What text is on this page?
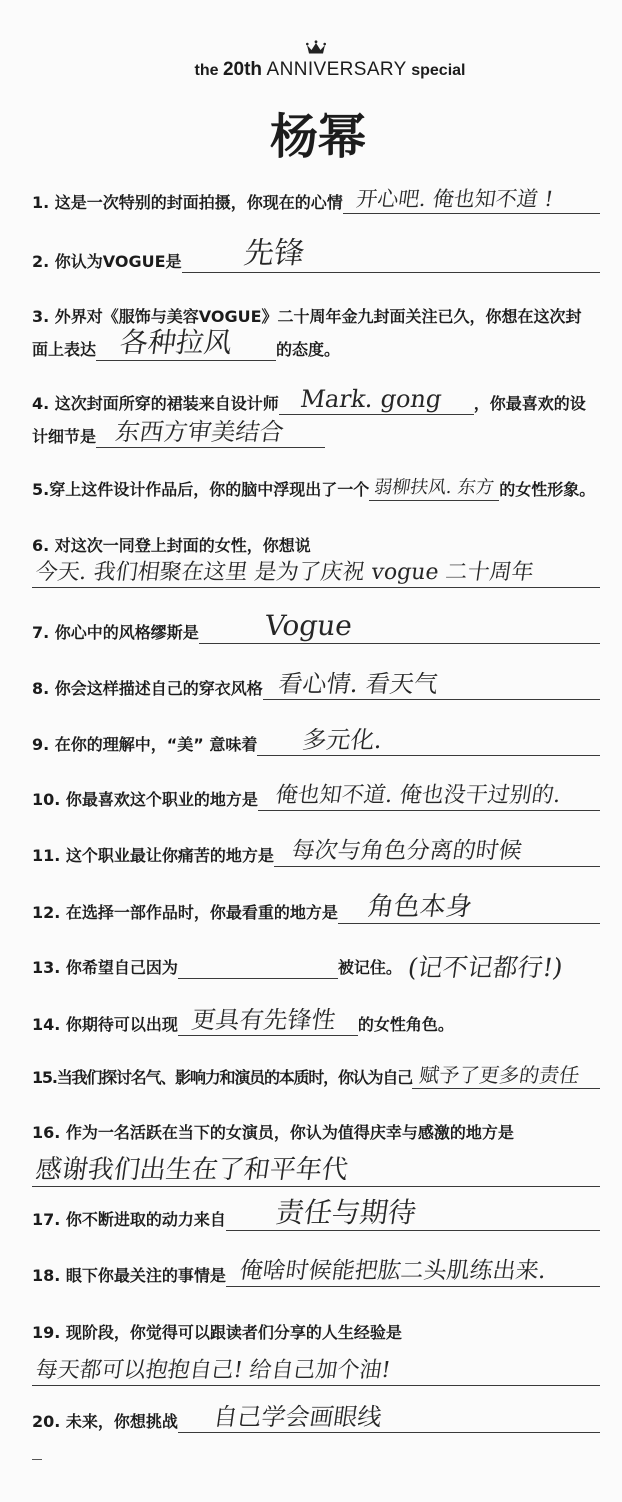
the 20th ANNIVERSARY special
杨幂
1. 这是一次特别的封面拍摄，你现在的心情 开心吧. 俺也知不道 !
2. 你认为VOGUE是 先锋
3. 外界对《服饰与美容VOGUE》二十周年金九封面关注已久，你想在这次封
面上表达 各种拉风	的态度。
4. 这次封面所穿的裙装来自设计师 Mark. gong ，你最喜欢的设
计细节是 东西方审美结合
5.穿上这件设计作品后，你的脑中浮现出了一个 弱柳扶风. 东方 的女性形象。
6. 对这次一同登上封面的女性，你想说
今天. 我们相聚在这里 是为了庆祝 vogue 二十周年
7. 你心中的风格缪斯是 Vogue
8. 你会这样描述自己的穿衣风格 看心情. 看天气
9. 在你的理解中，“美” 意味着 多元化.
10. 你最喜欢这个职业的地方是 俺也知不道. 俺也没干过别的.
11. 这个职业最让你痛苦的地方是 每次与角色分离的时候
12. 在选择一部作品时，你最看重的地方是 角色本身
13. 你希望自己因为	被记住。 (记不记都行!)
14. 你期待可以出现 更具有先锋性 的女性角色。
15.当我们探讨名气、影响力和演员的本质时，你认为自己 赋予了更多的责任
16. 作为一名活跃在当下的女演员，你认为值得庆幸与感激的地方是
感谢我们出生在了和平年代
17. 你不断进取的动力来自 责任与期待
18. 眼下你最关注的事情是 俺啥时候能把肱二头肌练出来.
19. 现阶段，你觉得可以跟读者们分享的人生经验是
每天都可以抱抱自己! 给自己加个油!
20. 未来，你想挑战 自己学会画眼线
